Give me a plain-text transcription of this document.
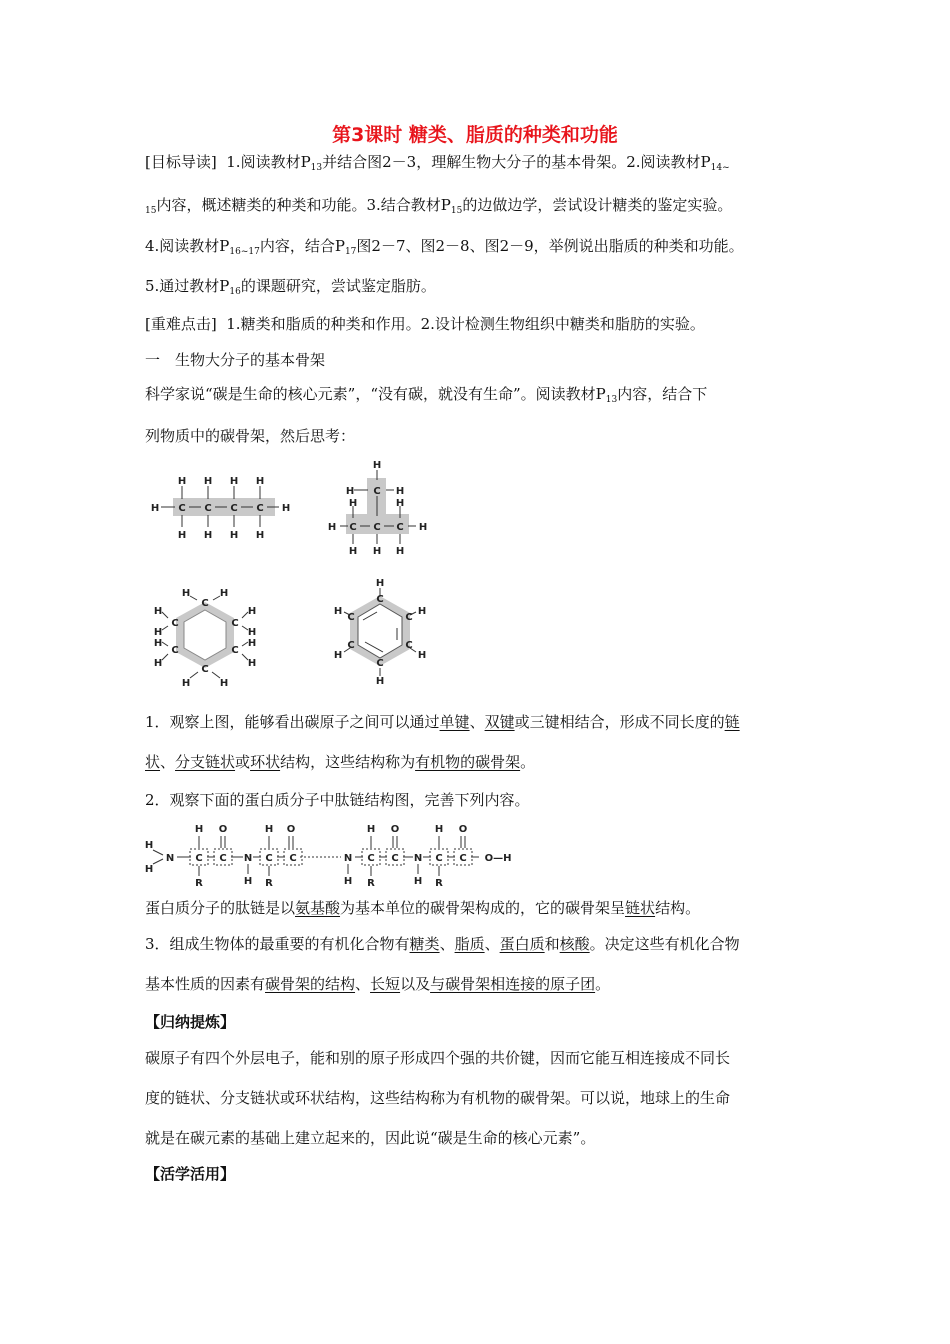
第3课时 糖类、脂质的种类和功能
[目标导读] 1.阅读教材$P_{13}$并结合图2－3，理解生物大分子的基本骨架。2.阅读教材$P_{14\sim}$
$_{15}$内容，概述糖类的种类和功能。3.结合教材$P_{15}$的边做边学，尝试设计糖类的鉴定实验。
4.阅读教材$P_{16\sim 17}$内容，结合$P_{17}$图2－7、图2－8、图2－9，举例说出脂质的种类和功能。
5.通过教材$P_{16}$的课题研究，尝试鉴定脂肪。
[重难点击] 1.糖类和脂质的种类和作用。2.设计检测生物组织中糖类和脂肪的实验。
一　生物大分子的基本骨架
科学家说“碳是生命的核心元素”，“没有碳，就没有生命”。阅读教材$P_{13}$内容，结合下
列物质中的碳骨架，然后思考：
H C C C C H
H H H H
H H H H
H
H C H
H	H
H C C C H
H H H
H	H
C
H	H
C	C
H	H
C	C
H	H
H	H
C
H	H
H
C
H	H
C	C
C	C
H	H
C
H
1．观察上图，能够看出碳原子之间可以通过单键、双键或三键相结合，形成不同长度的链
状、分支链状或环状结构，这些结构称为有机物的碳骨架。
2．观察下面的蛋白质分子中肽链结构图，完善下列内容。
H
H
N
H
C
R
O
C N
H
H
C
R
O
C	N
H
H
C
R
O
C N
H
H
C
R
O
C O—H
蛋白质分子的肽链是以氨基酸为基本单位的碳骨架构成的，它的碳骨架呈链状结构。
3．组成生物体的最重要的有机化合物有糖类、脂质、蛋白质和核酸。决定这些有机化合物
基本性质的因素有碳骨架的结构、长短以及与碳骨架相连接的原子团。
【归纳提炼】
碳原子有四个外层电子，能和别的原子形成四个强的共价键，因而它能互相连接成不同长
度的链状、分支链状或环状结构，这些结构称为有机物的碳骨架。可以说，地球上的生命
就是在碳元素的基础上建立起来的，因此说“碳是生命的核心元素”。
【活学活用】
